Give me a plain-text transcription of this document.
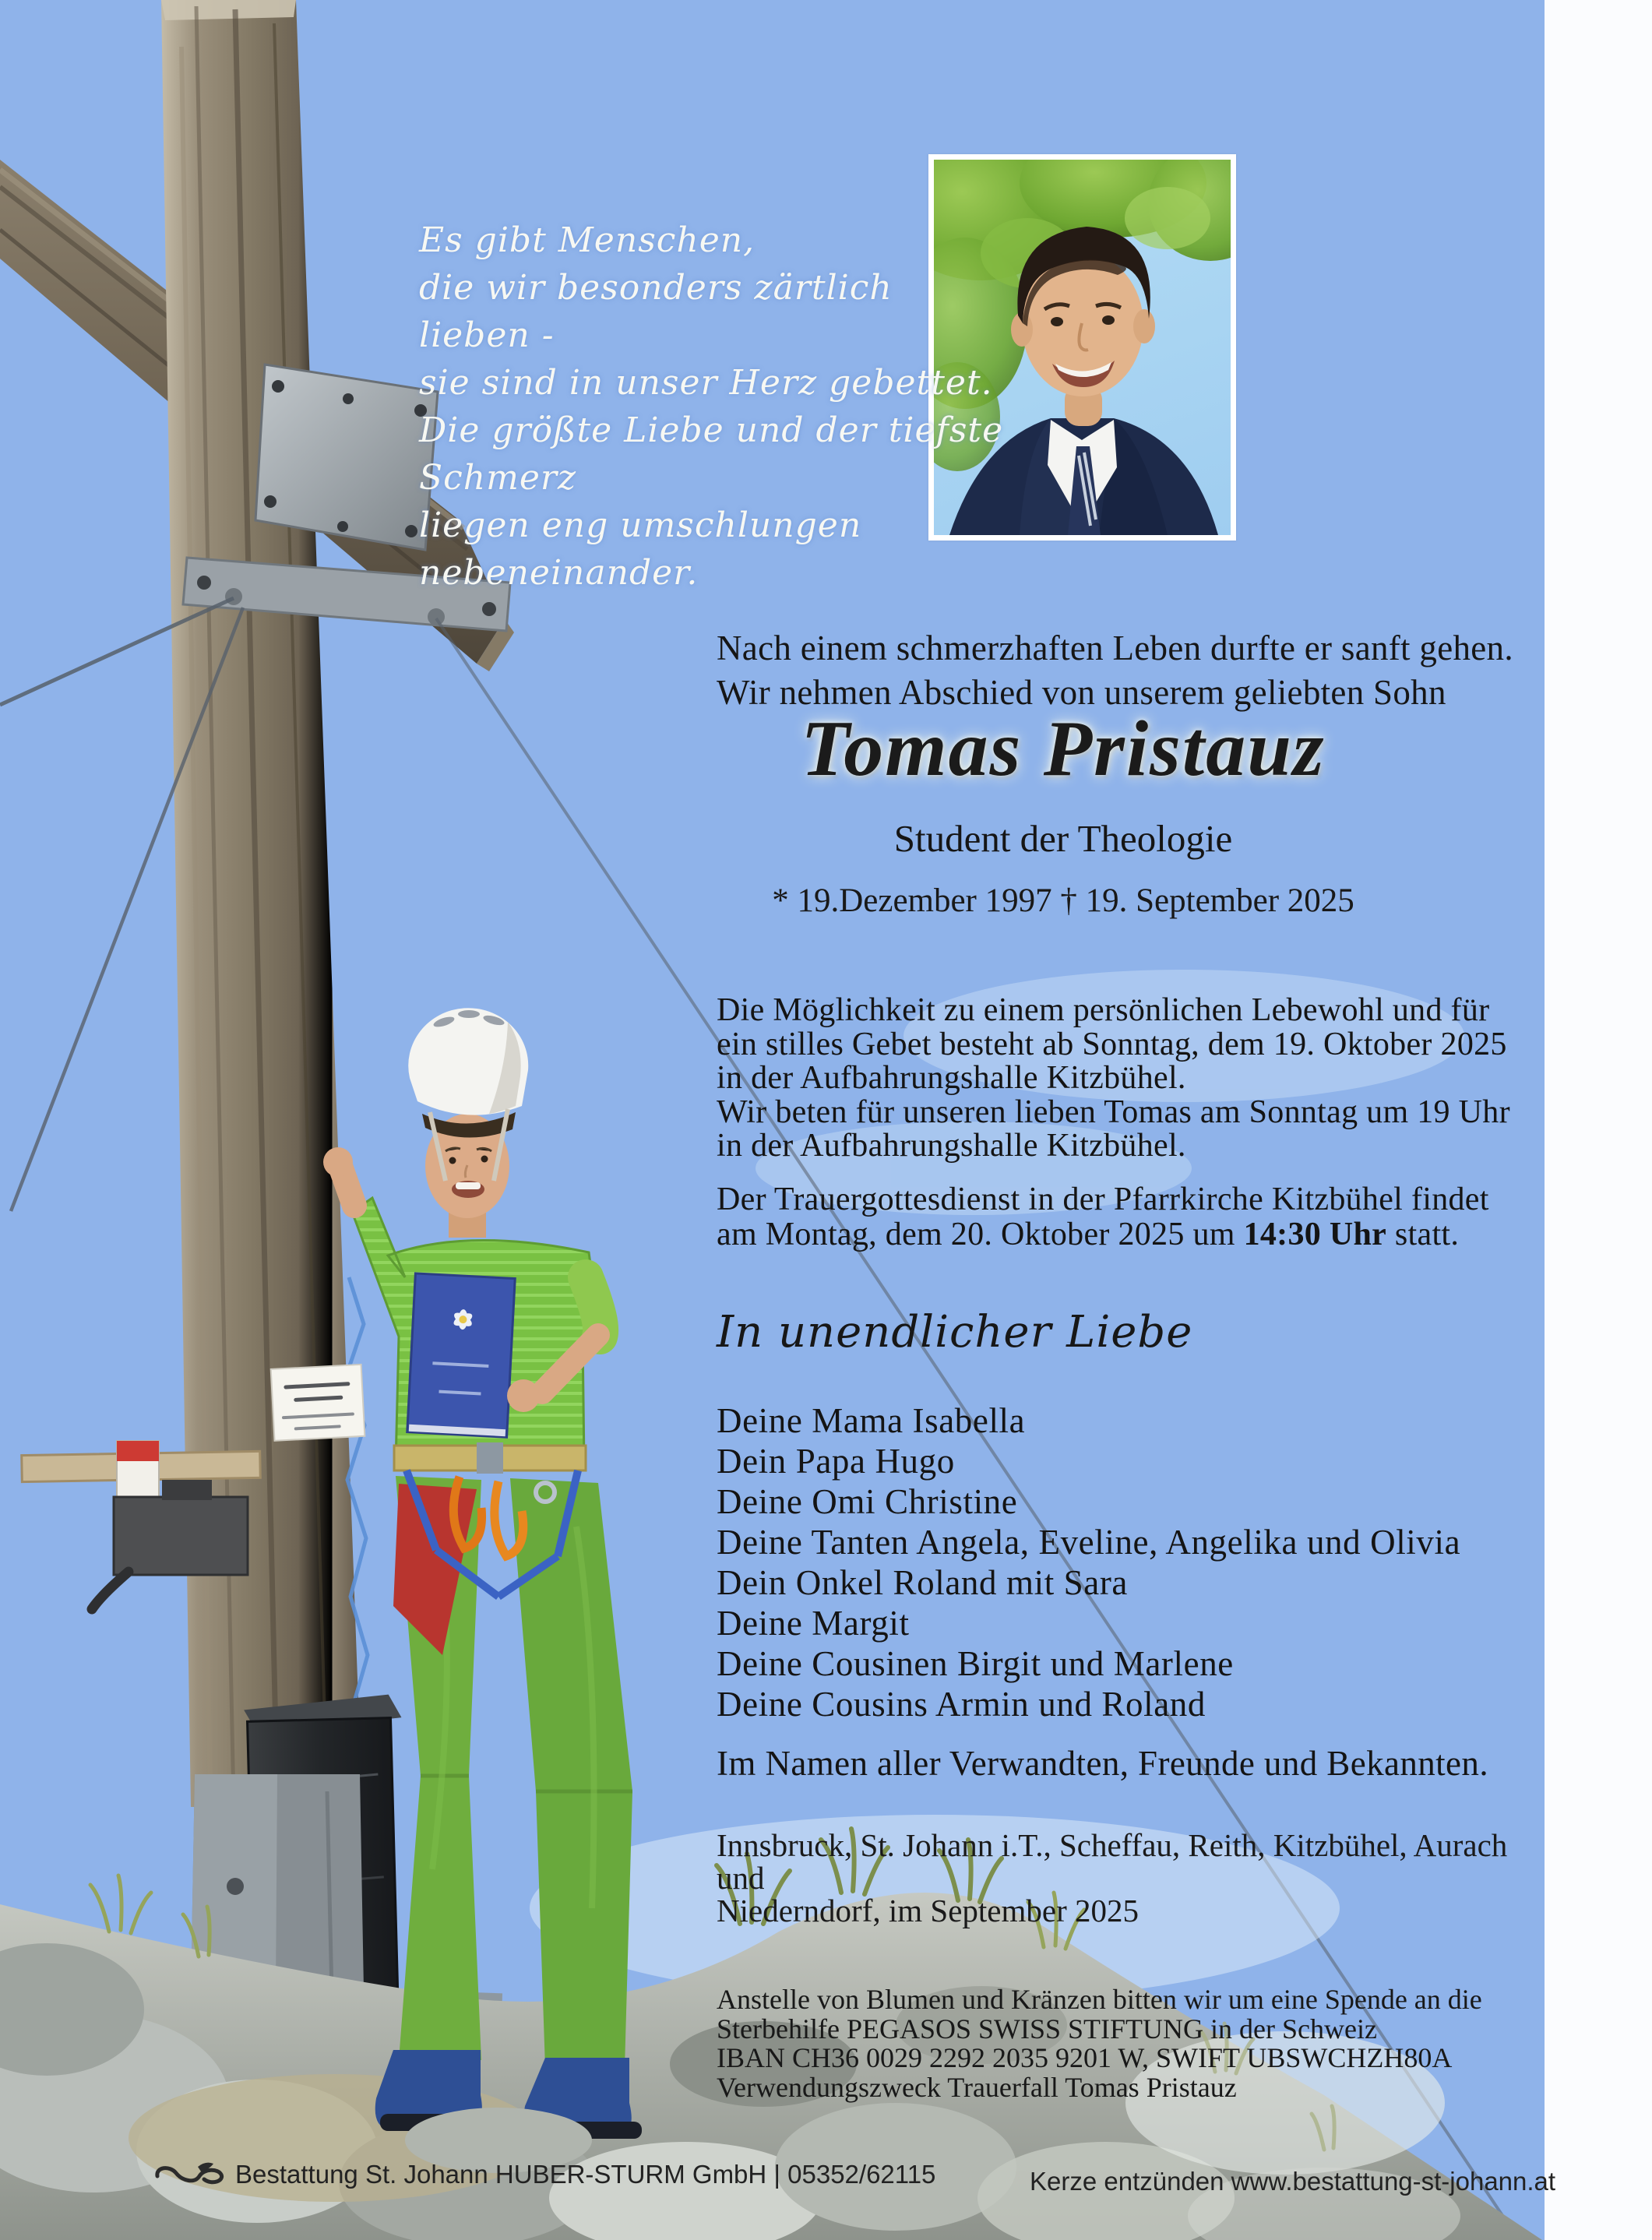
Es gibt Menschen,
die wir besonders zärtlich lieben -
sie sind in unser Herz gebettet.
Die größte Liebe und der tiefste Schmerz
liegen eng umschlungen nebeneinander.
Nach einem schmerzhaften Leben durfte er sanft gehen.
Wir nehmen Abschied von unserem geliebten Sohn
Tomas Pristauz
Student der Theologie
* 19.Dezember 1997 † 19. September 2025
Die Möglichkeit zu einem persönlichen Lebewohl und für
ein stilles Gebet besteht ab Sonntag, dem 19. Oktober 2025
in der Aufbahrungshalle Kitzbühel.
Wir beten für unseren lieben Tomas am Sonntag um 19 Uhr
in der Aufbahrungshalle Kitzbühel.
Der Trauergottesdienst in der Pfarrkirche Kitzbühel findet
am Montag, dem 20. Oktober 2025 um 14:30 Uhr statt.
In unendlicher Liebe
Deine Mama Isabella
Dein Papa Hugo
Deine Omi Christine
Deine Tanten Angela, Eveline, Angelika und Olivia
Dein Onkel Roland mit Sara
Deine Margit
Deine Cousinen Birgit und Marlene
Deine Cousins Armin und Roland
Im Namen aller Verwandten, Freunde und Bekannten.
Innsbruck, St. Johann i.T., Scheffau, Reith, Kitzbühel, Aurach und
Niederndorf, im September 2025
Anstelle von Blumen und Kränzen bitten wir um eine Spende an die
Sterbehilfe PEGASOS SWISS STIFTUNG in der Schweiz
IBAN CH36 0029 2292 2035 9201 W, SWIFT UBSWCHZH80A
Verwendungszweck Trauerfall Tomas Pristauz
Bestattung St. Johann HUBER-STURM GmbH | 05352/62115	Kerze entzünden www.bestattung-st-johann.at
